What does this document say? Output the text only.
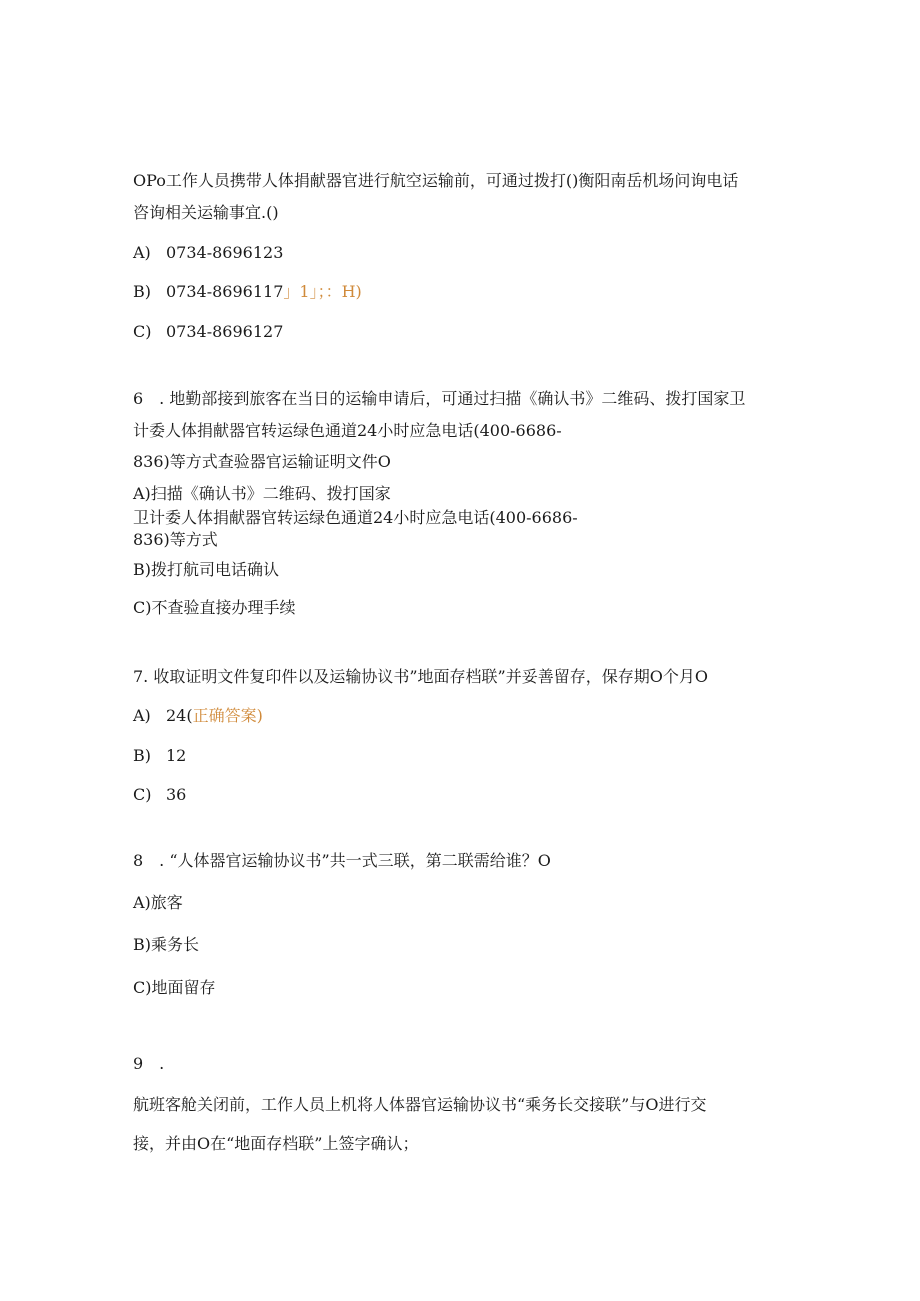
OPo工作人员携带人体捐献器官进行航空运输前，可通过拨打()衡阳南岳机场问询电话
咨询相关运输事宜.()
A) 0734-8696123
B) 0734-8696117」1」；：H)
C) 0734-8696127
6　. 地勤部接到旅客在当日的运输申请后，可通过扫描《确认书》二维码、拨打国家卫
计委人体捐献器官转运绿色通道24小时应急电话(400-6686-
836)等方式查验器官运输证明文件O
A)扫描《确认书》二维码、拨打国家
卫计委人体捐献器官转运绿色通道24小时应急电话(400-6686-
836)等方式
B)拨打航司电话确认
C)不查验直接办理手续
7. 收取证明文件复印件以及运输协议书”地面存档联”并妥善留存，保存期O个月O
A) 24(正确答案)
B) 12
C) 36
8　. “人体器官运输协议书”共一式三联，第二联需给谁？O
A)旅客
B)乘务长
C)地面留存
9　.
航班客舱关闭前，工作人员上机将人体器官运输协议书“乘务长交接联”与O进行交
接，并由O在“地面存档联”上签字确认；
